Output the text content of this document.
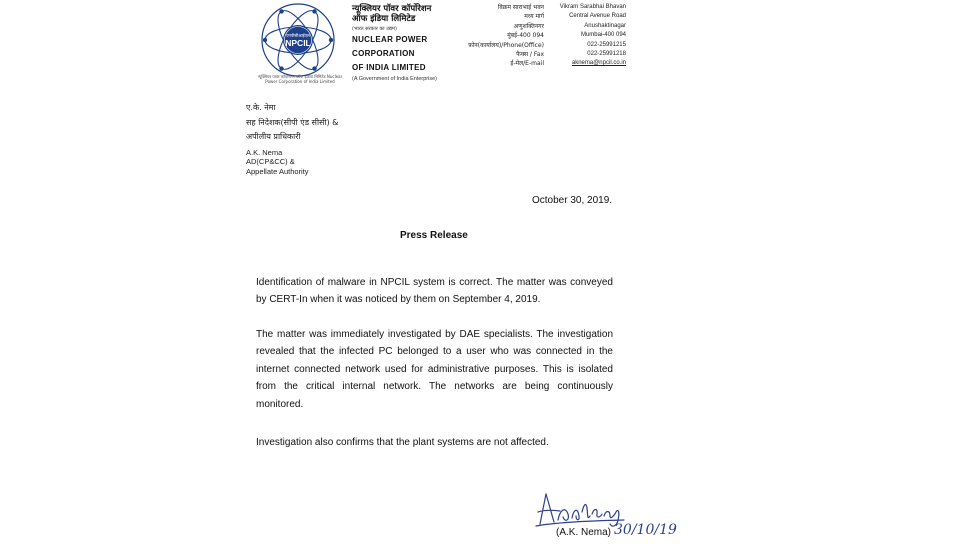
एनपीसीआईएल
NPCIL
न्यूक्लियर पावर कॉर्पोरेशन ऑफ इंडिया लिमिटेड Nuclear Power Corporation of India Limited
न्यूक्लियर पॉवर कॉर्पोरेशन
ऑफ इंडिया लिमिटेड
(भारत सरकार का उद्यम)
NUCLEAR POWER
CORPORATION
OF INDIA LIMITED
(A Government of India Enterprise)
विक्रम साराभाई भवन
मध्य मार्ग
अणुशक्तिनगर
मुंबई-400 094
फ़ोन(कार्यालय)/Phone(Office)
फैक्स / Fax
ई-मेल/E-mail
Vikram Sarabhai Bhavan
Central Avenue Road
Anushaktinagar
Mumbai-400 094
022-25991215
022-25991218
aknema@npcil.co.in
ए.के. नेमा
सह निदेशक(सीपी एंड सीसी) &
अपीलीय प्राधिकारी
A.K. Nema
AD(CP&CC) &
Appellate Authority
October 30, 2019.
Press Release

Identification of malware in NPCIL system is correct. The matter was conveyed by CERT-In when it was noticed by them on September 4, 2019.

The matter was immediately investigated by DAE specialists. The investigation revealed that the infected PC belonged to a user who was connected in the internet connected network used for administrative purposes. This is isolated from the critical internal network. The networks are being continuously monitored.

Investigation also confirms that the plant systems are not affected.

(A.K. Nema) 30/10/19
